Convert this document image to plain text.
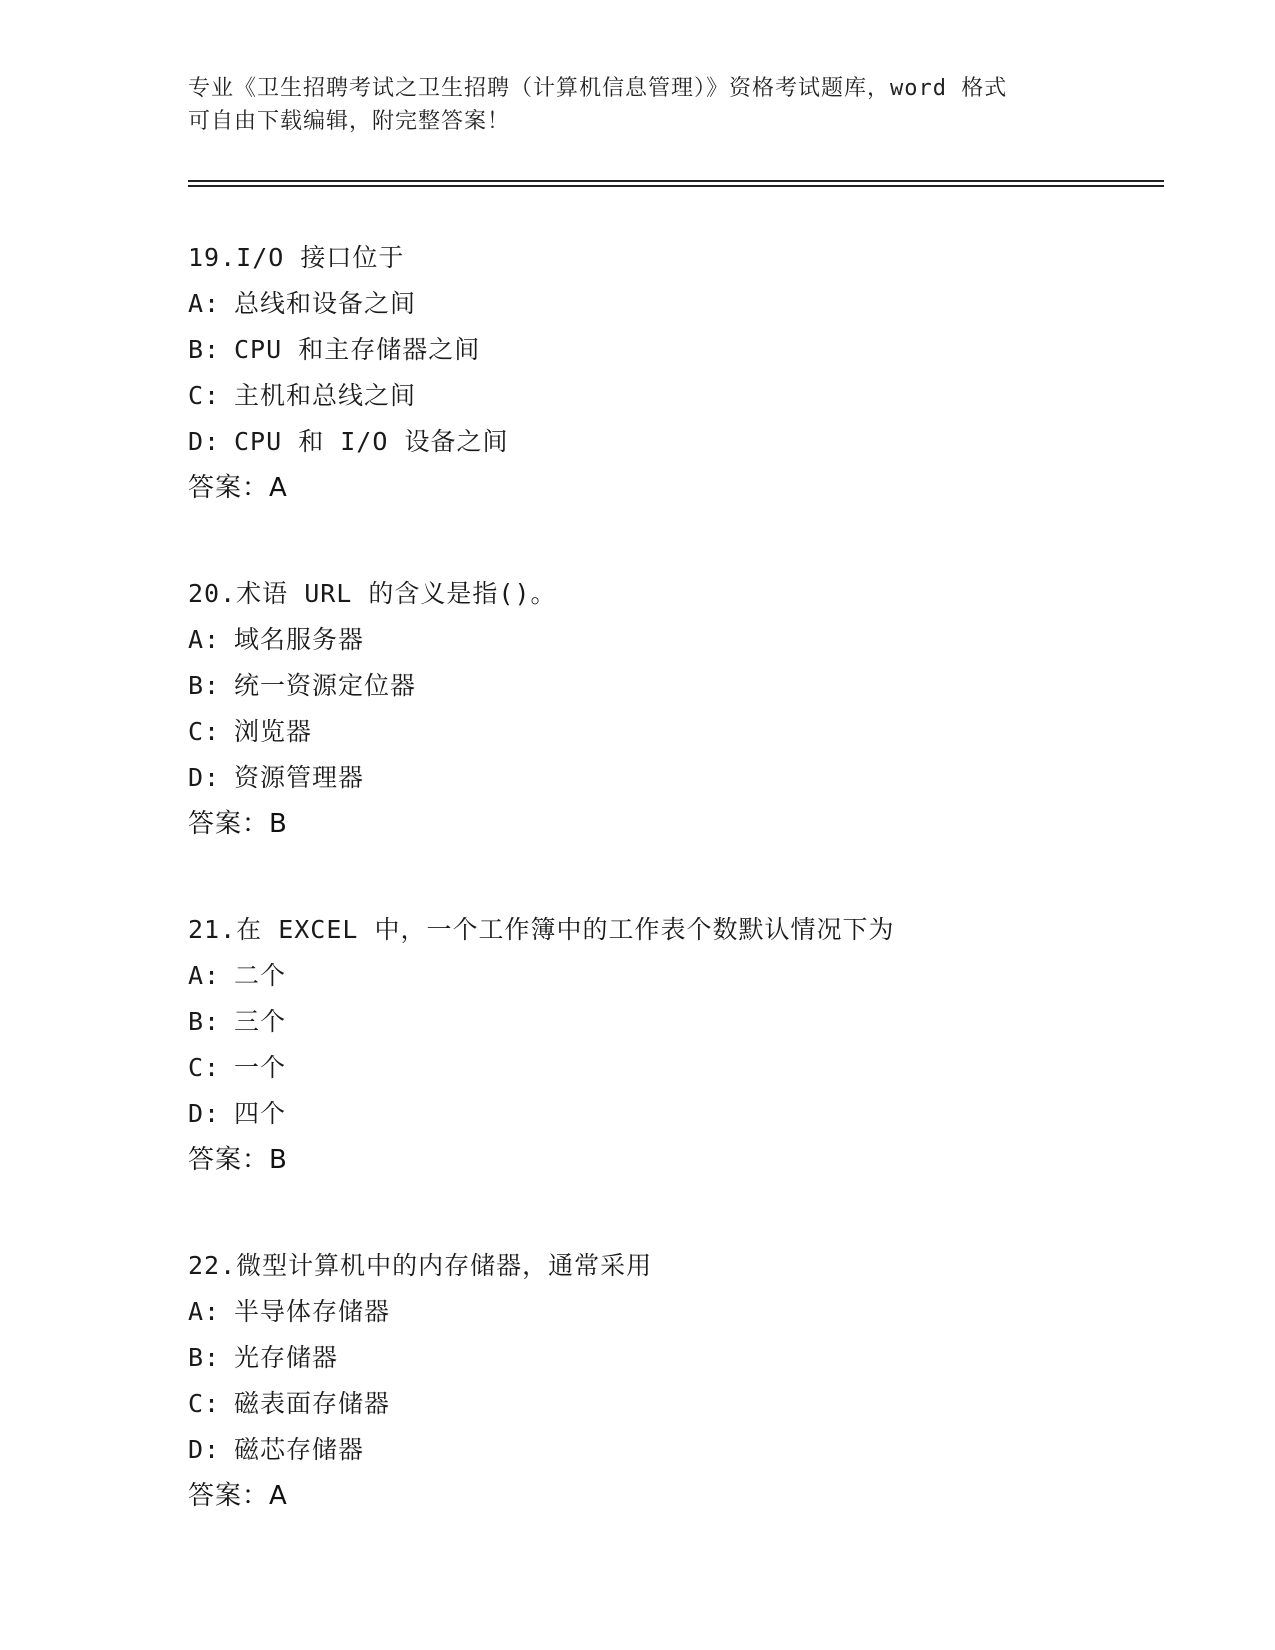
专业《卫生招聘考试之卫生招聘（计算机信息管理）》资格考试题库，word 格式
可自由下载编辑，附完整答案！
19.I/O 接口位于
A: 总线和设备之间
B: CPU 和主存储器之间
C: 主机和总线之间
D: CPU 和 I/O 设备之间
答案：A
20.术语 URL 的含义是指()。
A: 域名服务器
B: 统一资源定位器
C: 浏览器
D: 资源管理器
答案：B
21.在 EXCEL 中，一个工作簿中的工作表个数默认情况下为
A: 二个
B: 三个
C: 一个
D: 四个
答案：B
22.微型计算机中的内存储器，通常采用
A: 半导体存储器
B: 光存储器
C: 磁表面存储器
D: 磁芯存储器
答案：A
